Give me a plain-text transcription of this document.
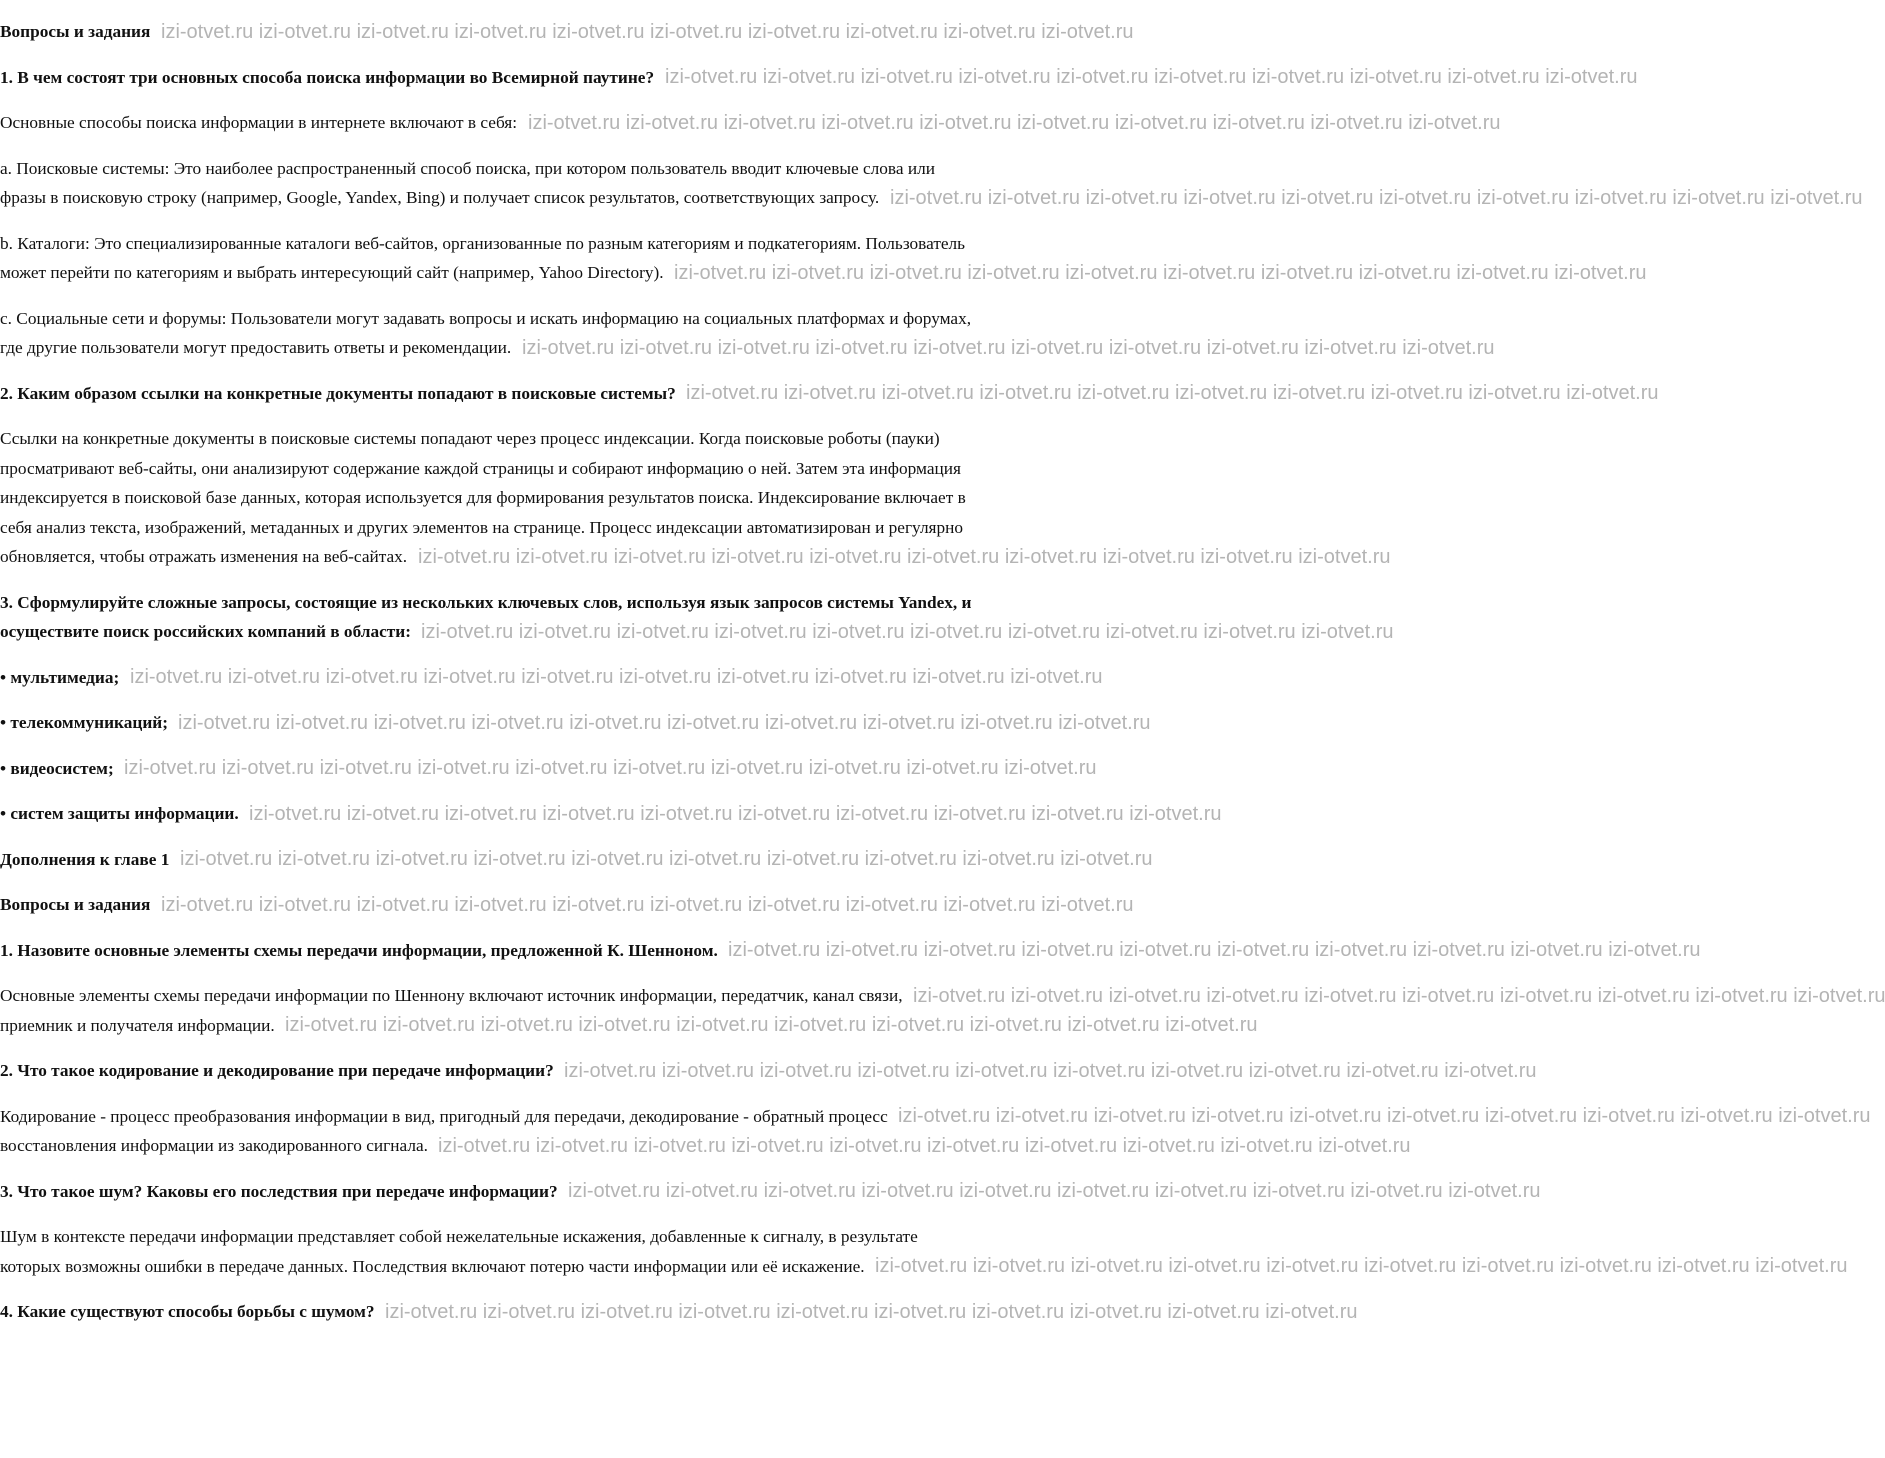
izi-otvet.ru izi-otvet.ru izi-otvet.ru izi-otvet.ru izi-otvet.ru izi-otvet.ru izi-otvet.ru izi-otvet.ru izi-otvet.ru izi-otvet.ru
izi-otvet.ru izi-otvet.ru izi-otvet.ru izi-otvet.ru izi-otvet.ru izi-otvet.ru izi-otvet.ru izi-otvet.ru izi-otvet.ru izi-otvet.ru
izi-otvet.ru izi-otvet.ru izi-otvet.ru izi-otvet.ru izi-otvet.ru izi-otvet.ru izi-otvet.ru izi-otvet.ru izi-otvet.ru izi-otvet.ru
izi-otvet.ru izi-otvet.ru izi-otvet.ru izi-otvet.ru izi-otvet.ru izi-otvet.ru izi-otvet.ru izi-otvet.ru izi-otvet.ru izi-otvet.ru
izi-otvet.ru izi-otvet.ru izi-otvet.ru izi-otvet.ru izi-otvet.ru izi-otvet.ru izi-otvet.ru izi-otvet.ru izi-otvet.ru izi-otvet.ru
izi-otvet.ru izi-otvet.ru izi-otvet.ru izi-otvet.ru izi-otvet.ru izi-otvet.ru izi-otvet.ru izi-otvet.ru izi-otvet.ru izi-otvet.ru
izi-otvet.ru izi-otvet.ru izi-otvet.ru izi-otvet.ru izi-otvet.ru izi-otvet.ru izi-otvet.ru izi-otvet.ru izi-otvet.ru izi-otvet.ru
izi-otvet.ru izi-otvet.ru izi-otvet.ru izi-otvet.ru izi-otvet.ru izi-otvet.ru izi-otvet.ru izi-otvet.ru izi-otvet.ru izi-otvet.ru
izi-otvet.ru izi-otvet.ru izi-otvet.ru izi-otvet.ru izi-otvet.ru izi-otvet.ru izi-otvet.ru izi-otvet.ru izi-otvet.ru izi-otvet.ru
izi-otvet.ru izi-otvet.ru izi-otvet.ru izi-otvet.ru izi-otvet.ru izi-otvet.ru izi-otvet.ru izi-otvet.ru izi-otvet.ru izi-otvet.ru
izi-otvet.ru izi-otvet.ru izi-otvet.ru izi-otvet.ru izi-otvet.ru izi-otvet.ru izi-otvet.ru izi-otvet.ru izi-otvet.ru izi-otvet.ru
izi-otvet.ru izi-otvet.ru izi-otvet.ru izi-otvet.ru izi-otvet.ru izi-otvet.ru izi-otvet.ru izi-otvet.ru izi-otvet.ru izi-otvet.ru
izi-otvet.ru izi-otvet.ru izi-otvet.ru izi-otvet.ru izi-otvet.ru izi-otvet.ru izi-otvet.ru izi-otvet.ru izi-otvet.ru izi-otvet.ru
izi-otvet.ru izi-otvet.ru izi-otvet.ru izi-otvet.ru izi-otvet.ru izi-otvet.ru izi-otvet.ru izi-otvet.ru izi-otvet.ru izi-otvet.ru
izi-otvet.ru izi-otvet.ru izi-otvet.ru izi-otvet.ru izi-otvet.ru izi-otvet.ru izi-otvet.ru izi-otvet.ru izi-otvet.ru izi-otvet.ru
izi-otvet.ru izi-otvet.ru izi-otvet.ru izi-otvet.ru izi-otvet.ru izi-otvet.ru izi-otvet.ru izi-otvet.ru izi-otvet.ru izi-otvet.ru
izi-otvet.ru izi-otvet.ru izi-otvet.ru izi-otvet.ru izi-otvet.ru izi-otvet.ru izi-otvet.ru izi-otvet.ru izi-otvet.ru izi-otvet.ru
izi-otvet.ru izi-otvet.ru izi-otvet.ru izi-otvet.ru izi-otvet.ru izi-otvet.ru izi-otvet.ru izi-otvet.ru izi-otvet.ru izi-otvet.ru
izi-otvet.ru izi-otvet.ru izi-otvet.ru izi-otvet.ru izi-otvet.ru izi-otvet.ru izi-otvet.ru izi-otvet.ru izi-otvet.ru izi-otvet.ru
izi-otvet.ru izi-otvet.ru izi-otvet.ru izi-otvet.ru izi-otvet.ru izi-otvet.ru izi-otvet.ru izi-otvet.ru izi-otvet.ru izi-otvet.ru
izi-otvet.ru izi-otvet.ru izi-otvet.ru izi-otvet.ru izi-otvet.ru izi-otvet.ru izi-otvet.ru izi-otvet.ru izi-otvet.ru izi-otvet.ru
izi-otvet.ru izi-otvet.ru izi-otvet.ru izi-otvet.ru izi-otvet.ru izi-otvet.ru izi-otvet.ru izi-otvet.ru izi-otvet.ru izi-otvet.ru
izi-otvet.ru izi-otvet.ru izi-otvet.ru izi-otvet.ru izi-otvet.ru izi-otvet.ru izi-otvet.ru izi-otvet.ru izi-otvet.ru izi-otvet.ru
izi-otvet.ru izi-otvet.ru izi-otvet.ru izi-otvet.ru izi-otvet.ru izi-otvet.ru izi-otvet.ru izi-otvet.ru izi-otvet.ru izi-otvet.ru

Вопросы и задания

1. В чем состоят три основных способа поиска информации во Всемирной паутине?

Основные способы поиска информации в интернете включают в себя:

a. Поисковые системы: Это наиболее распространенный способ поиска, при котором пользователь вводит ключевые слова или фразы в поисковую строку (например, Google, Yandex, Bing) и получает список результатов, соответствующих запросу.

b. Каталоги: Это специализированные каталоги веб-сайтов, организованные по разным категориям и подкатегориям. Пользователь может перейти по категориям и выбрать интересующий сайт (например, Yahoo Directory).

c. Социальные сети и форумы: Пользователи могут задавать вопросы и искать информацию на социальных платформах и форумах, где другие пользователи могут предоставить ответы и рекомендации.

2. Каким образом ссылки на конкретные документы попадают в поисковые системы?

Ссылки на конкретные документы в поисковые системы попадают через процесс индексации. Когда поисковые роботы (пауки) просматривают веб-сайты, они анализируют содержание каждой страницы и собирают информацию о ней. Затем эта информация индексируется в поисковой базе данных, которая используется для формирования результатов поиска. Индексирование включает в себя анализ текста, изображений, метаданных и других элементов на странице. Процесс индексации автоматизирован и регулярно обновляется, чтобы отражать изменения на веб-сайтах.

3. Сформулируйте сложные запросы, состоящие из нескольких ключевых слов, используя язык запросов системы Yandex, и осуществите поиск российских компаний в области:

• мультимедиа;

• телекоммуникаций;

• видеосистем;

• систем защиты информации.

Дополнения к главе 1

Вопросы и задания

1. Назовите основные элементы схемы передачи информации, предложенной К. Шенноном.

Основные элементы схемы передачи информации по Шеннону включают источник информации, передатчик, канал связи, приемник и получателя информации.

2. Что такое кодирование и декодирование при передаче информации?

Кодирование - процесс преобразования информации в вид, пригодный для передачи, декодирование - обратный процесс восстановления информации из закодированного сигнала.

3. Что такое шум? Каковы его последствия при передаче информации?

Шум в контексте передачи информации представляет собой нежелательные искажения, добавленные к сигналу, в результате которых возможны ошибки в передаче данных. Последствия включают потерю части информации или её искажение.

4. Какие существуют способы борьбы с шумом?
